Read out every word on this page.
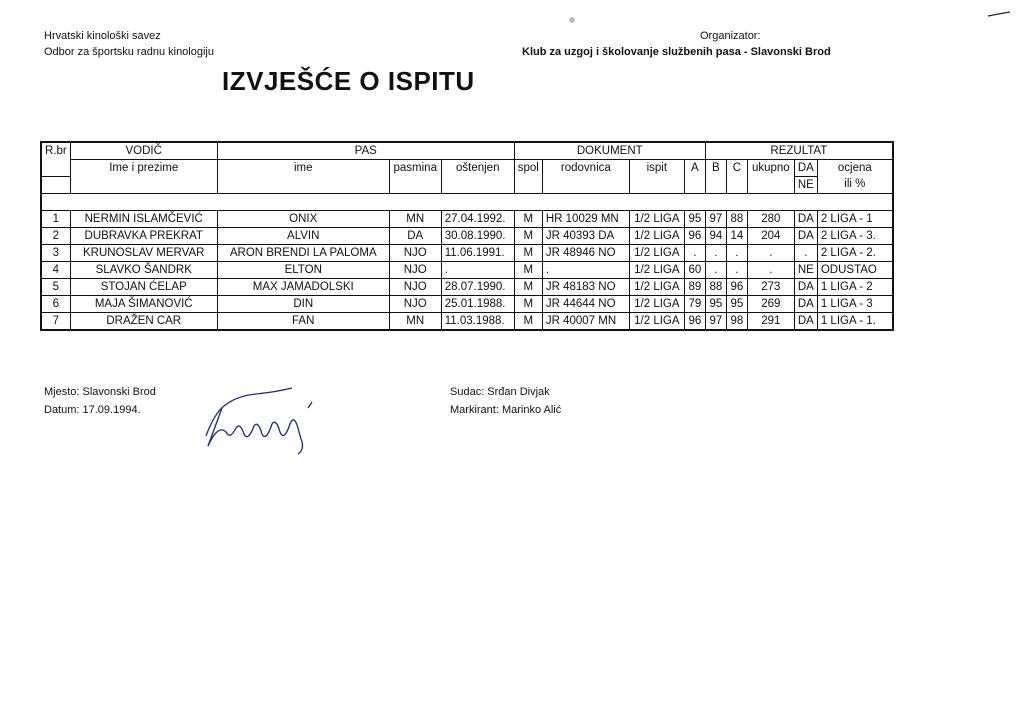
Hrvatski kinološki savez
Odbor za športsku radnu kinologiju
Organizator:
Klub za uzgoj i školovanje službenih pasa - Slavonski Brod
IZVJEŠĆE O ISPITU
R.br	VODIČ	PAS			DOKUMENT				REZULTAT				
	Ime i prezime	ime	pasmina	oštenjen	spol	rodovnica	ispit	A	B	C	ukupno	DA	ocjena
ili %
												NE	

1	NERMIN ISLAMČEVIĆ	ONIX	MN	27.04.1992.	M	HR 10029 MN	1/2 LIGA	95	97	88	280	DA	2 LIGA - 1
2	DUBRAVKA PREKRAT	ALVIN	DA	30.08.1990.	M	JR 40393 DA	1/2 LIGA	96	94	14	204	DA	2 LIGA - 3.
3	KRUNOSLAV MERVAR	ARON BRENDI LA PALOMA	NJO	11.06.1991.	M	JR 48946 NO	1/2 LIGA	.	.	.	.	.	2 LIGA - 2.
4	SLAVKO ŠANDRK	ELTON	NJO	.	M	.	1/2 LIGA	60	.	.	.	NE	ODUSTAO
5	STOJAN ĆELAP	MAX JAMADOLSKI	NJO	28.07.1990.	M	JR 48183 NO	1/2 LIGA	89	88	96	273	DA	1 LIGA - 2
6	MAJA ŠIMANOVIĆ	DIN	NJO	25.01.1988.	M	JR 44644 NO	1/2 LIGA	79	95	95	269	DA	1 LIGA - 3
7	DRAŽEN CAR	FAN	MN	11.03.1988.	M	JR 40007 MN	1/2 LIGA	96	97	98	291	DA	1 LIGA - 1.
Mjesto: Slavonski Brod
Datum: 17.09.1994.
Sudac: Srđan Divjak
Markirant: Marinko Alić
